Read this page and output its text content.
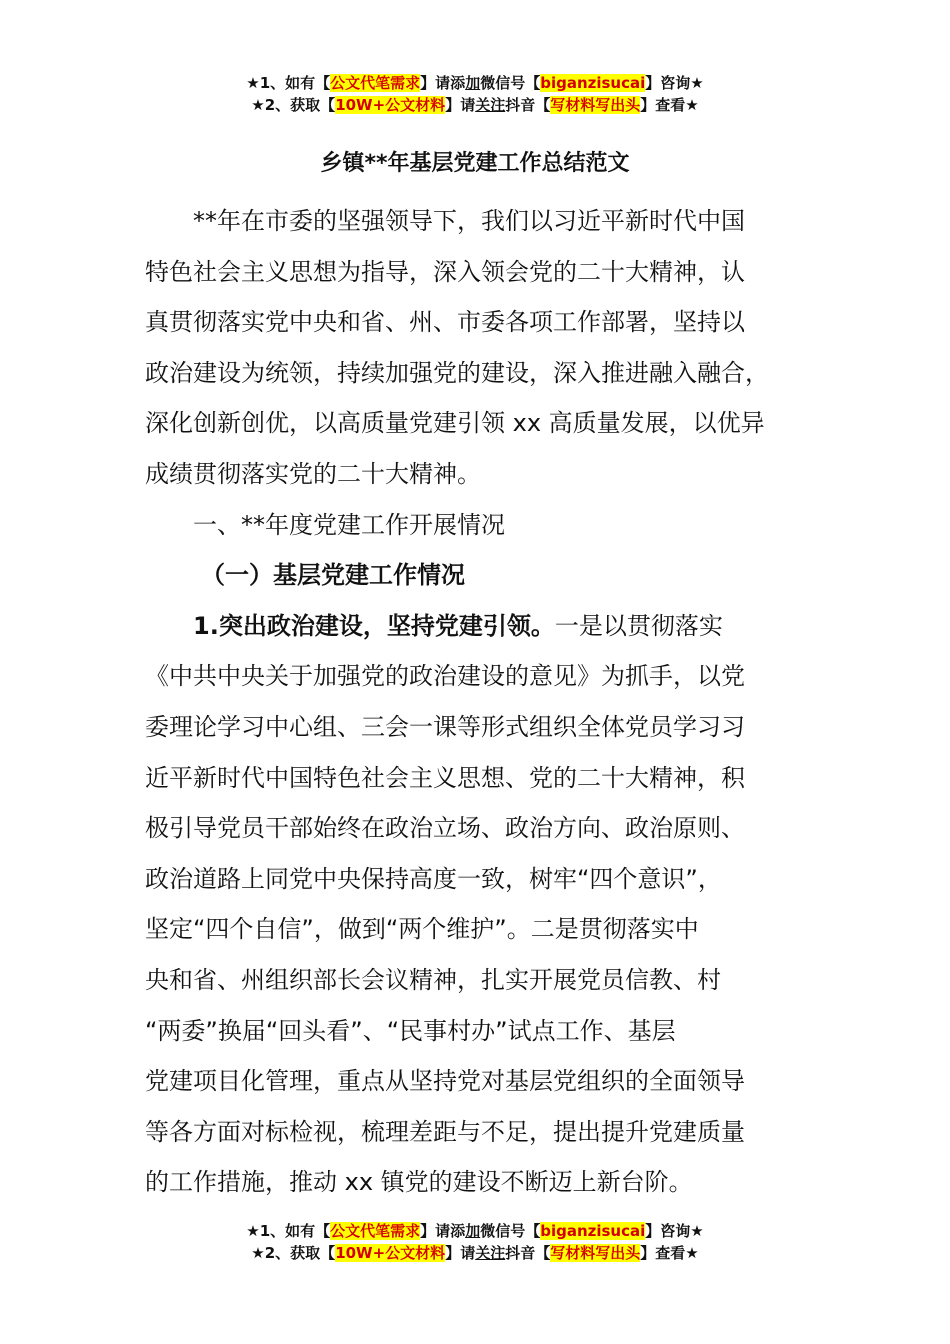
★1、如有【公文代笔需求】请添加微信号【biganzisucai】咨询★
★2、获取【10W+公文材料】请关注抖音【写材料写出头】查看★
乡镇**年基层党建工作总结范文

**年在市委的坚强领导下，我们以习近平新时代中国
特色社会主义思想为指导，深入领会党的二十大精神，认
真贯彻落实党中央和省、州、市委各项工作部署，坚持以
政治建设为统领，持续加强党的建设，深入推进融入融合，
深化创新创优，以高质量党建引领 xx 高质量发展，以优异
成绩贯彻落实党的二十大精神。

一、**年度党建工作开展情况

（一）基层党建工作情况

1.突出政治建设，坚持党建引领。一是以贯彻落实
《中共中央关于加强党的政治建设的意见》为抓手，以党
委理论学习中心组、三会一课等形式组织全体党员学习习
近平新时代中国特色社会主义思想、党的二十大精神，积
极引导党员干部始终在政治立场、政治方向、政治原则、
政治道路上同党中央保持高度一致，树牢“四个意识”，
坚定“四个自信”，做到“两个维护”。二是贯彻落实中
央和省、州组织部长会议精神，扎实开展党员信教、村
“两委”换届“回头看”、“民事村办”试点工作、基层
党建项目化管理，重点从坚持党对基层党组织的全面领导
等各方面对标检视，梳理差距与不足，提出提升党建质量
的工作措施，推动 xx 镇党的建设不断迈上新台阶。

★1、如有【公文代笔需求】请添加微信号【biganzisucai】咨询★
★2、获取【10W+公文材料】请关注抖音【写材料写出头】查看★
